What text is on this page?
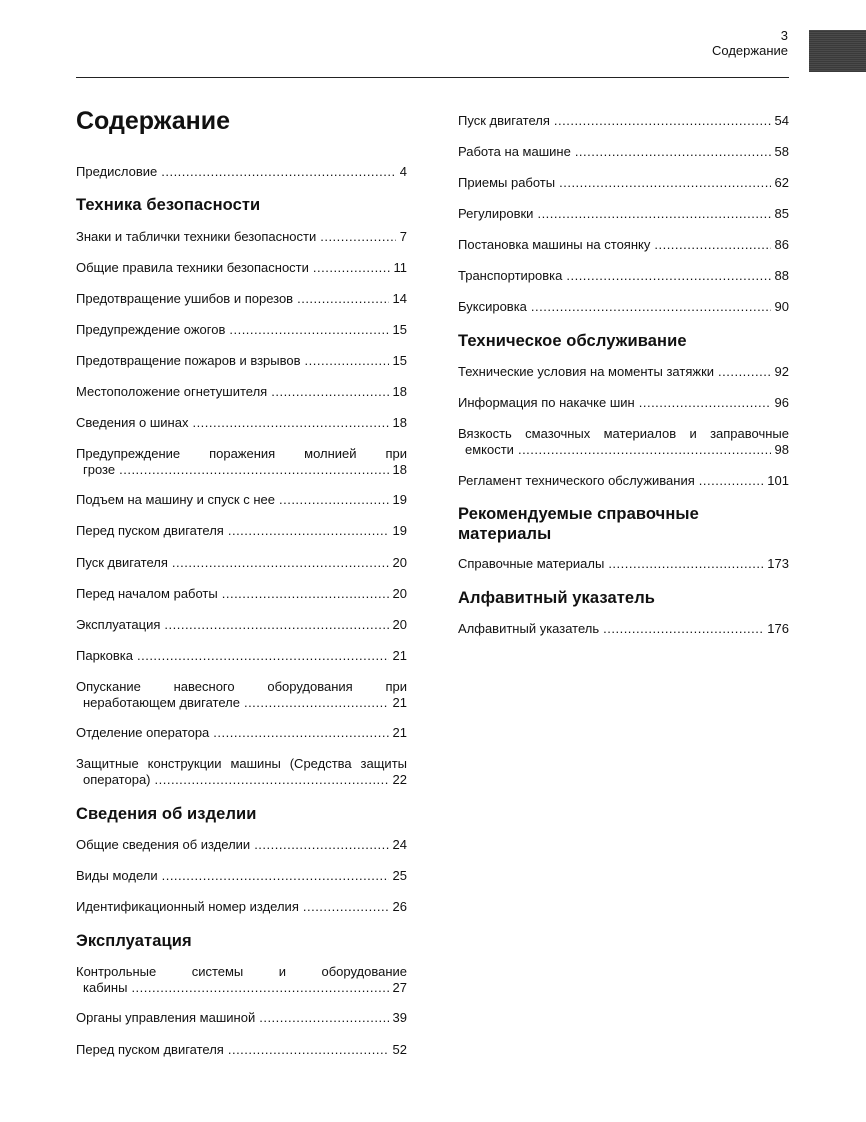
3
Содержание
Содержание
Предисловие .....	4
Техника безопасности
Знаки и таблички техники безопасности .....	7
Общие правила техники безопасности .....	11
Предотвращение ушибов и порезов .....	14
Предупреждение ожогов .....	15
Предотвращение пожаров и взрывов .....	15
Местоположение огнетушителя .....	18
Сведения о шинах .....	18
Предупреждение поражения молнией при
грозе .....	18
Подъем на машину и спуск с нее .....	19
Перед пуском двигателя .....	19
Пуск двигателя .....	20
Перед началом работы .....	20
Эксплуатация .....	20
Парковка .....	21
Опускание навесного оборудования при
неработающем двигателе .....	21
Отделение оператора .....	21
Защитные конструкции машины (Средства защиты
оператора) .....	22
Сведения об изделии
Общие сведения об изделии .....	24
Виды модели .....	25
Идентификационный номер изделия .....	26
Эксплуатация
Контрольные системы и оборудование
кабины .....	27
Органы управления машиной .....	39
Перед пуском двигателя .....	52
Пуск двигателя .....	54
Работа на машине .....	58
Приемы работы .....	62
Регулировки .....	85
Постановка машины на стоянку .....	86
Транспортировка .....	88
Буксировка .....	90
Техническое обслуживание
Технические условия на моменты затяжки .....	92
Информация по накачке шин .....	96
Вязкость смазочных материалов и заправочные
емкости .....	98
Регламент технического обслуживания .....	101
Рекомендуемые справочные
материалы
Справочные материалы .....	173
Алфавитный указатель
Алфавитный указатель .....	176
